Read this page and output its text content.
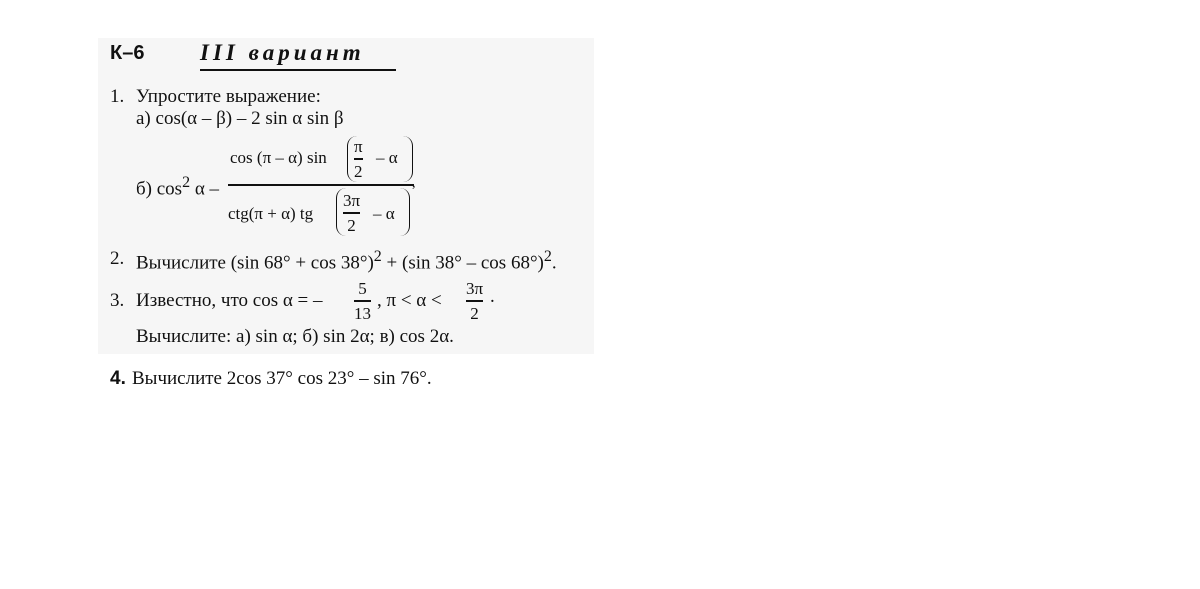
К–6 III вариант
1. Упростите выражение:
а) cos(α – β) – 2 sin α sin β
б) $\cos^2 \alpha$ –
cos (π – α) sin
π
2
– α
,
ctg(π + α) tg
3π
2
– α
2. Вычислите (sin 68° + cos 38°)$^2$ + (sin 38° – cos 68°)$^2$.
3. Известно, что cos α = –
5
13
, π < α <
3π
2
.
Вычислите: а) sin α; б) sin 2α; в) cos 2α.
4. Вычислите 2cos 37° cos 23° – sin 76°.
